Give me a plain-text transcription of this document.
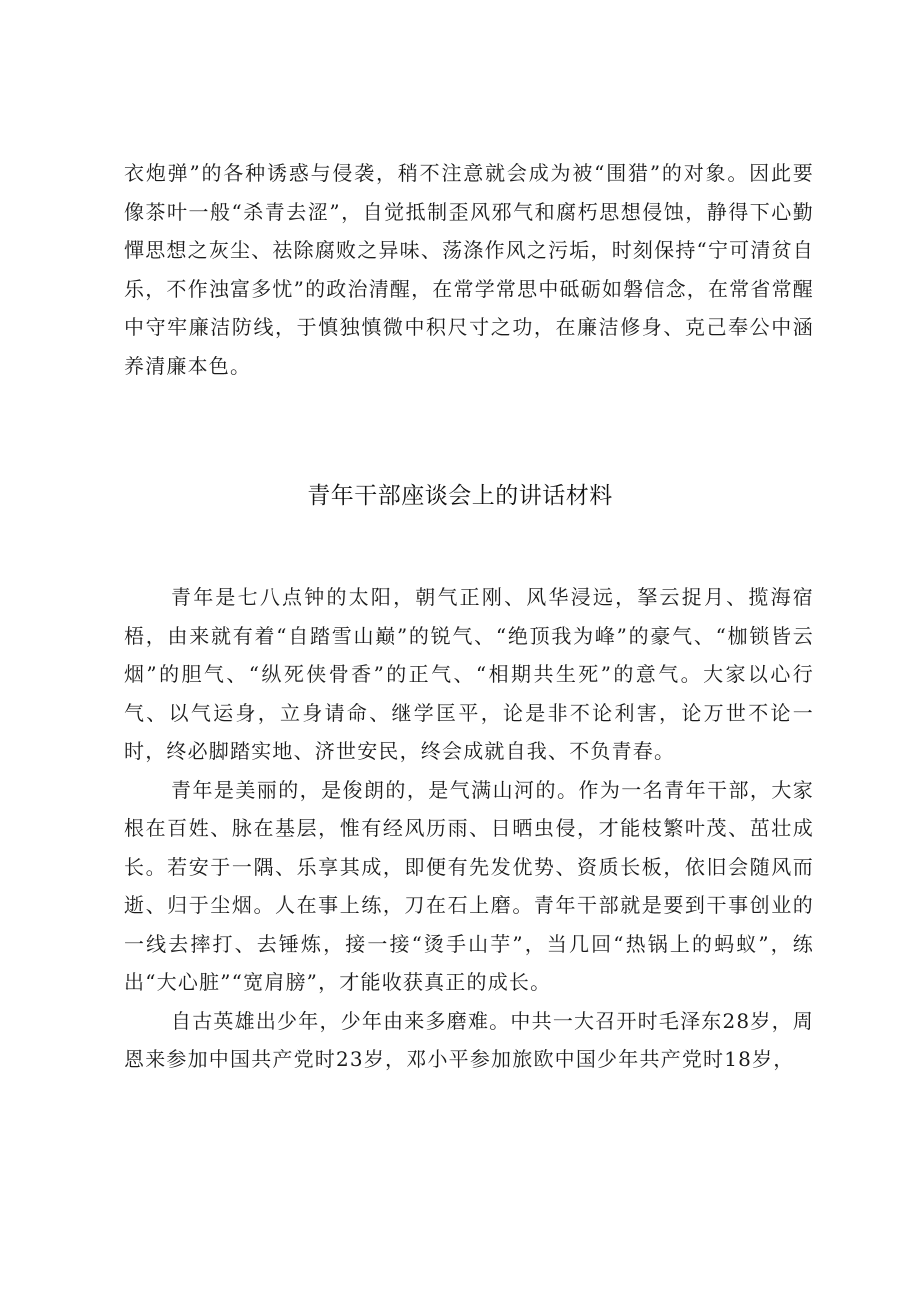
衣炮弹”的各种诱惑与侵袭，稍不注意就会成为被“围猎”的对象。因此要像茶叶一般“杀青去涩”，自觉抵制歪风邪气和腐朽思想侵蚀，静得下心勤憚思想之灰尘、祛除腐败之异味、荡涤作风之污垢，时刻保持“宁可清贫自乐，不作浊富多忧”的政治清醒，在常学常思中砥砺如磐信念，在常省常醒中守牢廉洁防线，于慎独慎微中积尺寸之功，在廉洁修身、克己奉公中涵养清廉本色。

青年干部座谈会上的讲话材料

青年是七八点钟的太阳，朝气正刚、风华浸远，拏云捉月、揽海宿梧，由来就有着“自踏雪山巅”的锐气、“绝顶我为峰”的豪气、“枷锁皆云烟”的胆气、“纵死侠骨香”的正气、“相期共生死”的意气。大家以心行气、以气运身，立身请命、继学匡平，论是非不论利害，论万世不论一时，终必脚踏实地、济世安民，终会成就自我、不负青春。

青年是美丽的，是俊朗的，是气满山河的。作为一名青年干部，大家根在百姓、脉在基层，惟有经风历雨、日晒虫侵，才能枝繁叶茂、茁壮成长。若安于一隅、乐享其成，即便有先发优势、资质长板，依旧会随风而逝、归于尘烟。人在事上练，刀在石上磨。青年干部就是要到干事创业的一线去摔打、去锤炼，接一接“烫手山芋”，当几回“热锅上的蚂蚁”，练出“大心脏”“宽肩膀”，才能收获真正的成长。

自古英雄出少年，少年由来多磨难。中共一大召开时毛泽东28岁，周恩来参加中国共产党时23岁，邓小平参加旅欧中国少年共产党时18岁，
